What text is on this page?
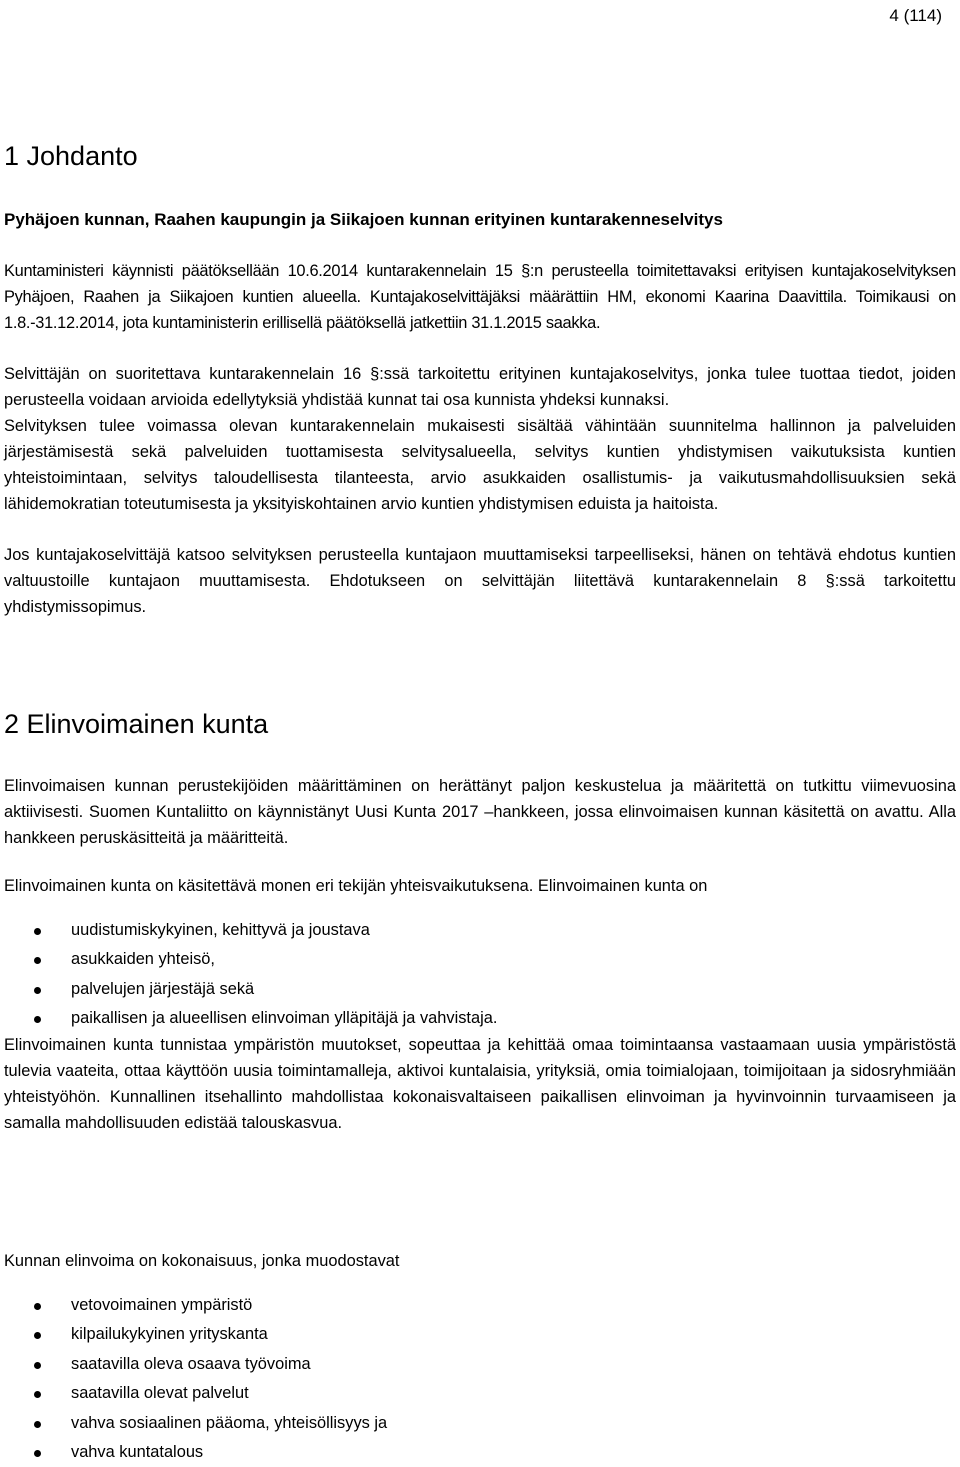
4 (114)
1 Johdanto
Pyhäjoen kunnan, Raahen kaupungin ja Siikajoen kunnan erityinen kuntarakenneselvitys

Kuntaministeri käynnisti päätöksellään 10.6.2014 kuntarakennelain 15 §:n perusteella toimitettavaksi erityisen kuntajakoselvityksen Pyhäjoen, Raahen ja Siikajoen kuntien alueella. Kuntajakoselvittäjäksi määrättiin HM, ekonomi Kaarina Daavittila. Toimikausi on 1.8.-31.12.2014, jota kuntaministerin erillisellä päätöksellä jatkettiin 31.1.2015 saakka.

Selvittäjän on suoritettava kuntarakennelain 16 §:ssä tarkoitettu erityinen kuntajakoselvitys, jonka tulee tuottaa tiedot, joiden perusteella voidaan arvioida edellytyksiä yhdistää kunnat tai osa kunnista yhdeksi kunnaksi.

Selvityksen tulee voimassa olevan kuntarakennelain mukaisesti sisältää vähintään suunnitelma hallinnon ja palveluiden järjestämisestä sekä palveluiden tuottamisesta selvitysalueella, selvitys kuntien yhdistymisen vaikutuksista kuntien yhteistoimintaan, selvitys taloudellisesta tilanteesta, arvio asukkaiden osallistumis- ja vaikutusmahdollisuuksien sekä lähidemokratian toteutumisesta ja yksityiskohtainen arvio kuntien yhdistymisen eduista ja haitoista.

Jos kuntajakoselvittäjä katsoo selvityksen perusteella kuntajaon muuttamiseksi tarpeelliseksi, hänen on tehtävä ehdotus kuntien valtuustoille kuntajaon muuttamisesta. Ehdotukseen on selvittäjän liitettävä kuntarakennelain 8 §:ssä tarkoitettu yhdistymissopimus.

2 Elinvoimainen kunta

Elinvoimaisen kunnan perustekijöiden määrittäminen on herättänyt paljon keskustelua ja määritettä on tutkittu viimevuosina aktiivisesti. Suomen Kuntaliitto on käynnistänyt Uusi Kunta 2017 –hankkeen, jossa elinvoimaisen kunnan käsitettä on avattu. Alla hankkeen peruskäsitteitä ja määritteitä.

Elinvoimainen kunta on käsitettävä monen eri tekijän yhteisvaikutuksena. Elinvoimainen kunta on

uudistumiskykyinen, kehittyvä ja joustava
asukkaiden yhteisö,
palvelujen järjestäjä sekä
paikallisen ja alueellisen elinvoiman ylläpitäjä ja vahvistaja.

Elinvoimainen kunta tunnistaa ympäristön muutokset, sopeuttaa ja kehittää omaa toimintaansa vastaamaan uusia ympäristöstä tulevia vaateita, ottaa käyttöön uusia toimintamalleja, aktivoi kuntalaisia, yrityksiä, omia toimialojaan, toimijoitaan ja sidosryhmiään yhteistyöhön. Kunnallinen itsehallinto mahdollistaa kokonaisvaltaiseen paikallisen elinvoiman ja hyvinvoinnin turvaamiseen ja samalla mahdollisuuden edistää talouskasvua.

Kunnan elinvoima on kokonaisuus, jonka muodostavat

vetovoimainen ympäristö
kilpailukykyinen yrityskanta
saatavilla oleva osaava työvoima
saatavilla olevat palvelut
vahva sosiaalinen pääoma, yhteisöllisyys ja
vahva kuntatalous
